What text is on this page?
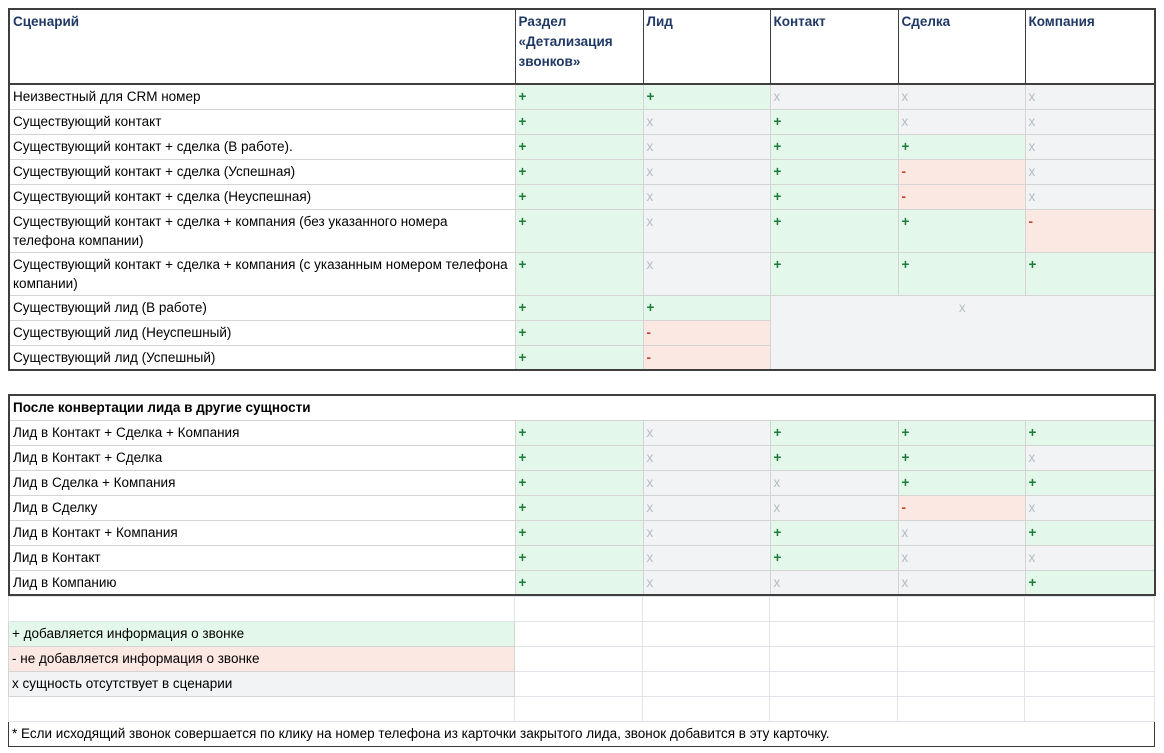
Сценарий	Раздел «Детализация звонков»	Лид	Контакт	Сделка	Компания
Неизвестный для CRM номер	+	+	x	x	x
Существующий контакт	+	x	+	x	x
Существующий контакт + сделка (В работе).	+	x	+	+	x
Существующий контакт + сделка (Успешная)	+	x	+	-	x
Существующий контакт + сделка (Неуспешная)	+	x	+	-	x
Существующий контакт + сделка + компания (без указанного номера телефона компании)	+	x	+	+	-
Существующий контакт + сделка + компания (с указанным номером телефона компании)	+	x	+	+	+
Существующий лид (В работе)	+	+	x		
Существующий лид (Неуспешный)	+	-			
Существующий лид (Успешный)	+	-			
После конвертации лида в другие сущности					
Лид в Контакт + Сделка + Компания	+	x	+	+	+
Лид в Контакт + Сделка	+	x	+	+	x
Лид в Сделка + Компания	+	x	x	+	+
Лид в Сделку	+	x	x	-	x
Лид в Контакт + Компания	+	x	+	x	+
Лид в Контакт	+	x	+	x	x
Лид в Компанию	+	x	x	x	+

+ добавляется информация о звонке					
- не добавляется информация о звонке					
х сущность отсутствует в сценарии					

* Если исходящий звонок совершается по клику на номер телефона из карточки закрытого лида, звонок добавится в эту карточку.					
